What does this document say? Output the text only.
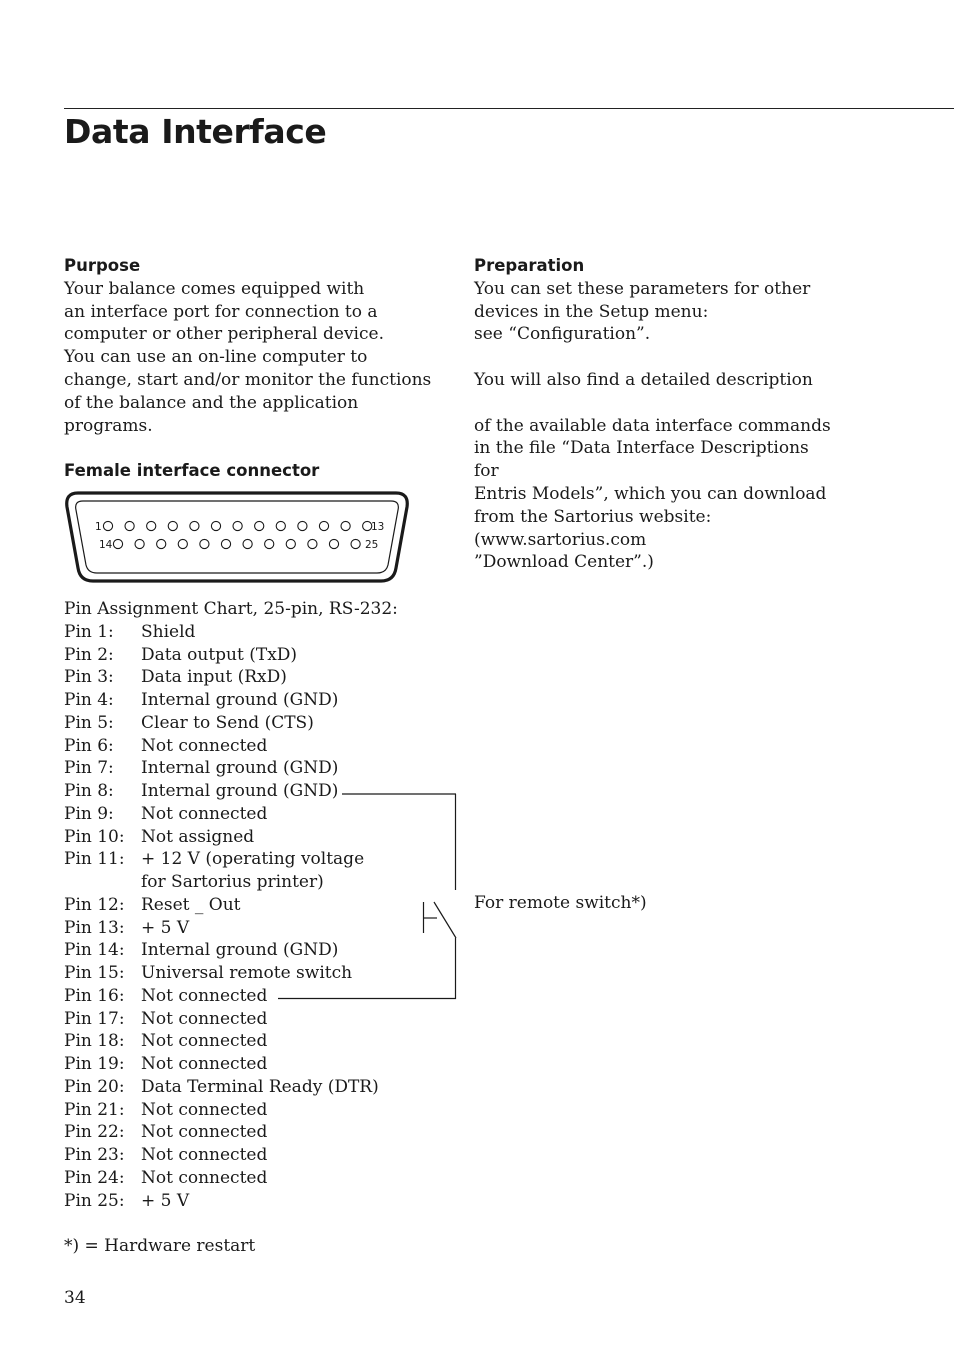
Data Interface

Purpose

Your balance comes equipped with
an interface port for connection to a
computer or other peripheral device.
You can use an on-line computer to
change, start and/or monitor the functions
of the balance and the application
programs.

Female interface connector

1	13
14	25
Pin Assignment Chart, 25-pin, RS-232:
Pin 1:	Shield
Pin 2:	Data output (TxD)
Pin 3:	Data input (RxD)
Pin 4:	Internal ground (GND)
Pin 5:	Clear to Send (CTS)
Pin 6:	Not connected
Pin 7:	Internal ground (GND)
Pin 8:	Internal ground (GND)
Pin 9:	Not connected
Pin 10: Not assigned
Pin 11: + 12 V (operating voltage
for Sartorius printer)
Pin 12: Reset _ Out
Pin 13: + 5 V
Pin 14: Internal ground (GND)
Pin 15: Universal remote switch
Pin 16: Not connected
Pin 17: Not connected
Pin 18: Not connected
Pin 19: Not connected
Pin 20: Data Terminal Ready (DTR)
Pin 21: Not connected
Pin 22: Not connected
Pin 23: Not connected
Pin 24: Not connected
Pin 25: + 5 V

Preparation

You can set these parameters for other
devices in the Setup menu:
see “Configuration”.

You will also find a detailed description

of the available data interface commands
in the file “Data Interface Descriptions for
Entris Models”, which you can download
from the Sartorius website:
(www.sartorius.com
”Download Center”.)

For remote switch*)
*) = Hardware restart
34
